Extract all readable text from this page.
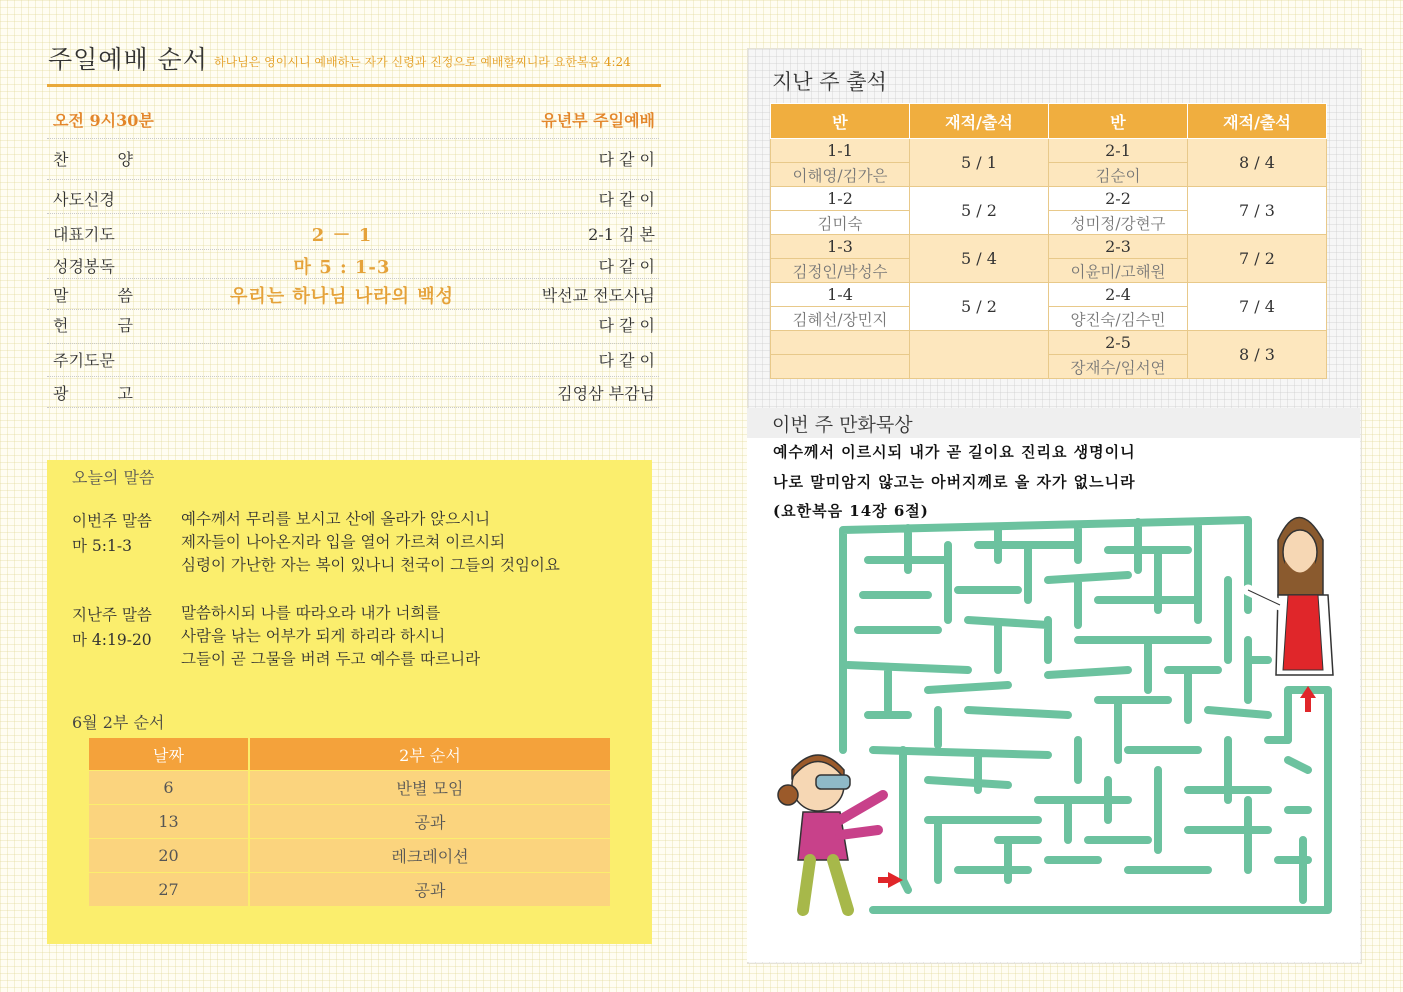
주일예배 순서 하나님은 영이시니 예배하는 자가 신령과 진정으로 예배할찌니라 요한복음 4:24
오전 9시30분	유년부 주일예배
찬 양	다 같 이
사도신경	다 같 이
대표기도	2 － 1	2-1 김 본
성경봉독	마 5 : 1-3	다 같 이
말 씀	우리는 하나님 나라의 백성	박선교 전도사님
헌 금	다 같 이
주기도문	다 같 이
광 고	김영삼 부감님
오늘의 말씀
이번주 말씀
마 5:1-3
예수께서 무리를 보시고 산에 올라가 앉으시니
제자들이 나아온지라 입을 열어 가르쳐 이르시되
심령이 가난한 자는 복이 있나니 천국이 그들의 것임이요
지난주 말씀
마 4:19-20
말씀하시되 나를 따라오라 내가 너희를
사람을 낚는 어부가 되게 하리라 하시니
그들이 곧 그물을 버려 두고 예수를 따르니라
6월 2부 순서
날짜	2부 순서
6	반별 모임
13	공과
20	레크레이션
27	공과
지난 주 출석
반	재적/출석	반	재적/출석
1-1	5 / 1	2-1	8 / 4
이해영/김가은		김순이	
1-2	5 / 2	2-2	7 / 3
김미숙		성미정/강현구	
1-3	5 / 4	2-3	7 / 2
김정인/박성수		이윤미/고해원	
1-4	5 / 2	2-4	7 / 4
김혜선/장민지		양진숙/김수민	
		2-5	8 / 3
		장재수/임서연	
이번 주 만화묵상
예수께서 이르시되 내가 곧 길이요 진리요 생명이니
나로 말미암지 않고는 아버지께로 올 자가 없느니라
(요한복음 14장 6절)
